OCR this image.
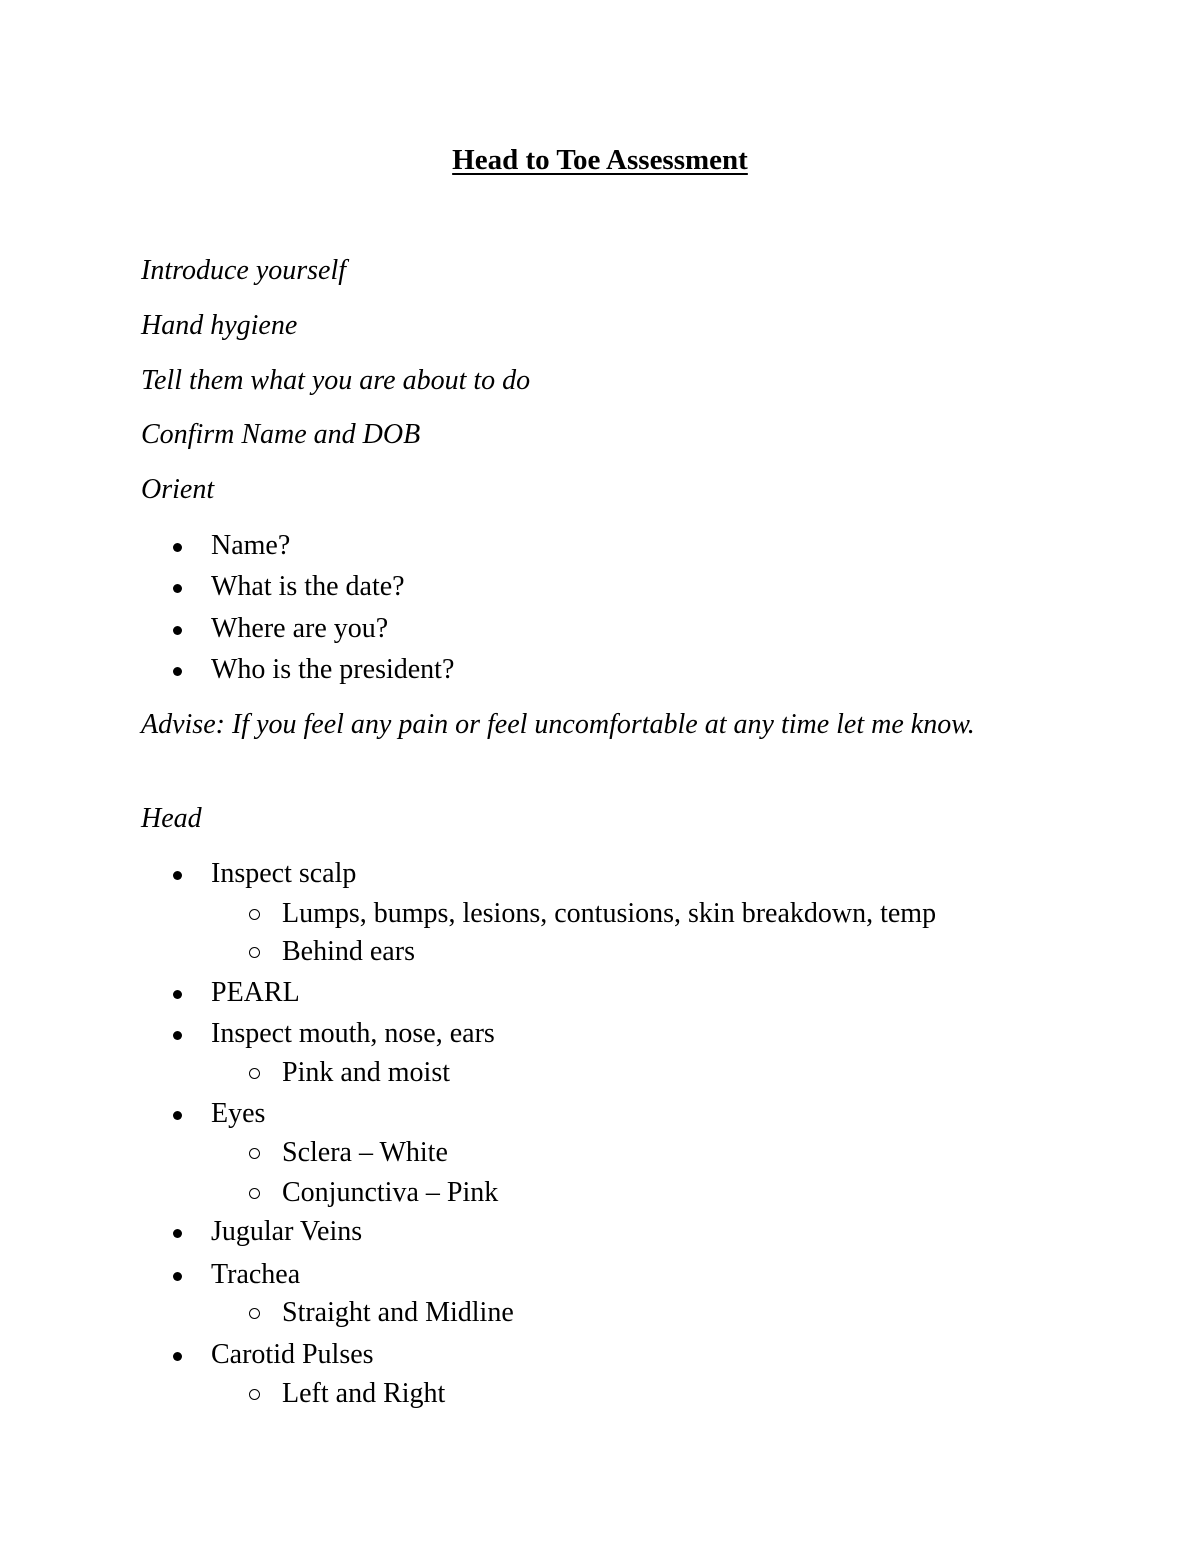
Head to Toe Assessment
Introduce yourself
Hand hygiene
Tell them what you are about to do
Confirm Name and DOB
Orient
Name?
What is the date?
Where are you?
Who is the president?
Advise: If you feel any pain or feel uncomfortable at any time let me know.
Head
Inspect scalp
Lumps, bumps, lesions, contusions, skin breakdown, temp
Behind ears
PEARL
Inspect mouth, nose, ears
Pink and moist
Eyes
Sclera – White
Conjunctiva – Pink
Jugular Veins
Trachea
Straight and Midline
Carotid Pulses
Left and Right
